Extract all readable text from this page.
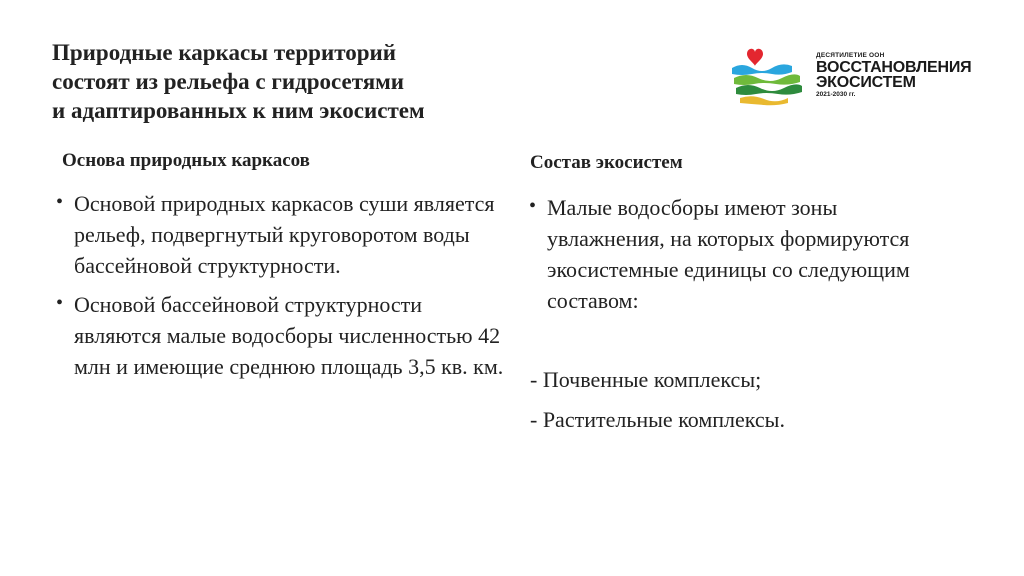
Природные каркасы территорий
состоят из рельефа с гидросетями
и адаптированных к ним экосистем
ДЕСЯТИЛЕТИЕ ООН
ВОССТАНОВЛЕНИЯ
ЭКОСИСТЕМ
2021-2030 гг.
Основа природных каркасов
• Основой природных каркасов суши является рельеф, подвергнутый круговоротом воды бассейновой структурности.
• Основой бассейновой структурности являются малые водосборы численностью 42 млн и имеющие среднюю площадь 3,5 кв. км.
Состав экосистем
• Малые водосборы имеют зоны увлажнения, на которых формируются экосистемные единицы со следующим составом:

- Почвенные комплексы;

- Растительные комплексы.
